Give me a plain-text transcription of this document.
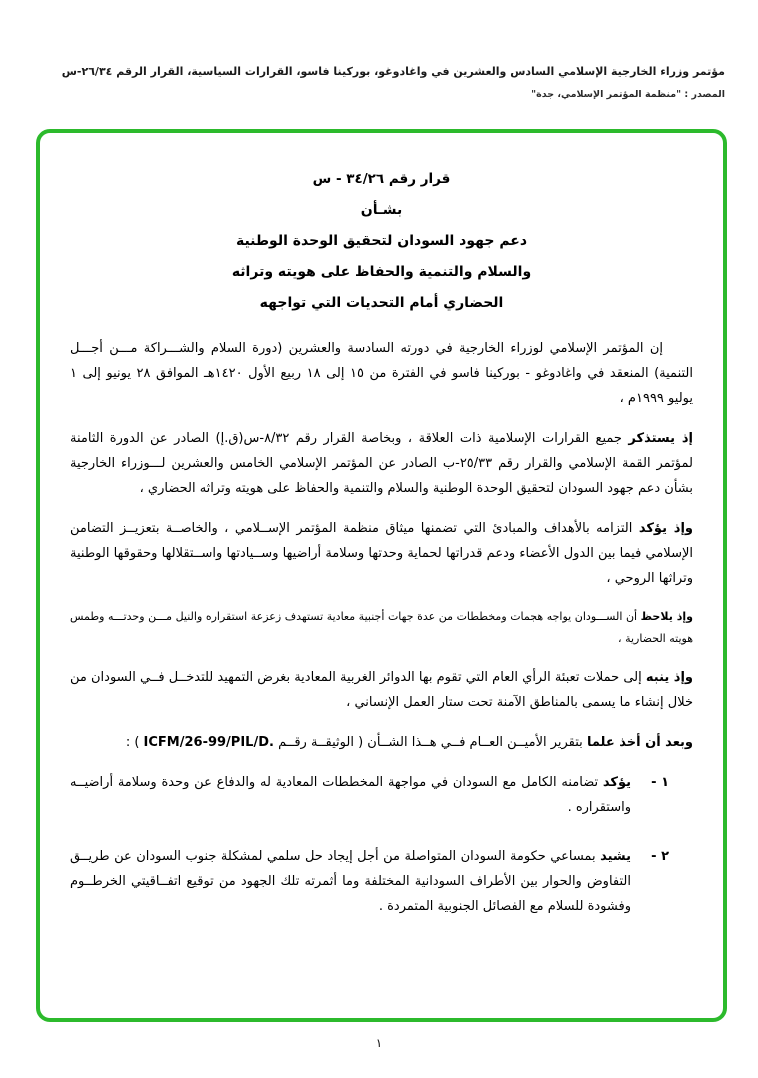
مؤتمر وزراء الخارجية الإسلامي السادس والعشرين في واغادوغو، بوركينا فاسو، القرارات السياسية، القرار الرقم ٢٦/٣٤-س
المصدر : "منظمة المؤتمر الإسلامي، جدة"
قرار رقم ٣٤/٢٦ - س
بشـأن
دعم جهود السودان لتحقيق الوحدة الوطنية
والسلام والتنمية والحفاظ على هويته وتراثه
الحضاري أمام التحديات التي تواجهه

إن المؤتمر الإسلامي لوزراء الخارجية في دورته السادسة والعشرين (دورة السلام والشـــراكة مـــن أجـــل التنمية) المنعقد في واغادوغو - بوركينا فاسو في الفترة من ١٥ إلى ١٨ ربيع الأول ١٤٢٠هـ الموافق ٢٨ يونيو إلى ١ يوليو ١٩٩٩م ،

إذ يستذكر جميع القرارات الإسلامية ذات العلاقة ، وبخاصة القرار رقم ٨/٣٢-س(ق.إ) الصادر عن الدورة الثامنة لمؤتمر القمة الإسلامي والقرار رقم ٢٥/٣٣-ب الصادر عن المؤتمر الإسلامي الخامس والعشرين لـــوزراء الخارجية بشأن دعم جهود السودان لتحقيق الوحدة الوطنية والسلام والتنمية والحفاظ على هويته وتراثه الحضاري ،

وإذ يؤكد التزامه بالأهداف والمبادئ التي تضمنها ميثاق منظمة المؤتمر الإســلامي ، والخاصــة بتعزيــز التضامن الإسلامي فيما بين الدول الأعضاء ودعم قدراتها لحماية وحدتها وسلامة أراضيها وســيادتها واســتقلالها وحقوقها الوطنية وتراثها الروحي ،

وإذ يلاحظ أن الســـودان يواجه هجمات ومخططات من عدة جهات أجنبية معادية تستهدف زعزعة استقراره والنيل مـــن وحدتـــه وطمس هويته الحضارية ،

وإذ ينبه إلى حملات تعبئة الرأي العام التي تقوم بها الدوائر الغربية المعادية بغرض التمهيد للتدخــل فــي السودان من خلال إنشاء ما يسمى بالمناطق الآمنة تحت ستار العمل الإنساني ،

وبعد أن أخذ علما بتقرير الأميــن العــام فــي هــذا الشــأن ( الوثيقــة رقــم ICFM/26-99/PIL/D. ) :

١ -
يؤكد تضامنه الكامل مع السودان في مواجهة المخططات المعادية له والدفاع عن وحدة وسلامة أراضيــه واستقراره .
٢ -
يشيد بمساعي حكومة السودان المتواصلة من أجل إيجاد حل سلمي لمشكلة جنوب السودان عن طريــق التفاوض والحوار بين الأطراف السودانية المختلفة وما أثمرته تلك الجهود من توقيع اتفــاقيتي الخرطــوم وفشودة للسلام مع الفصائل الجنوبية المتمردة .
١
